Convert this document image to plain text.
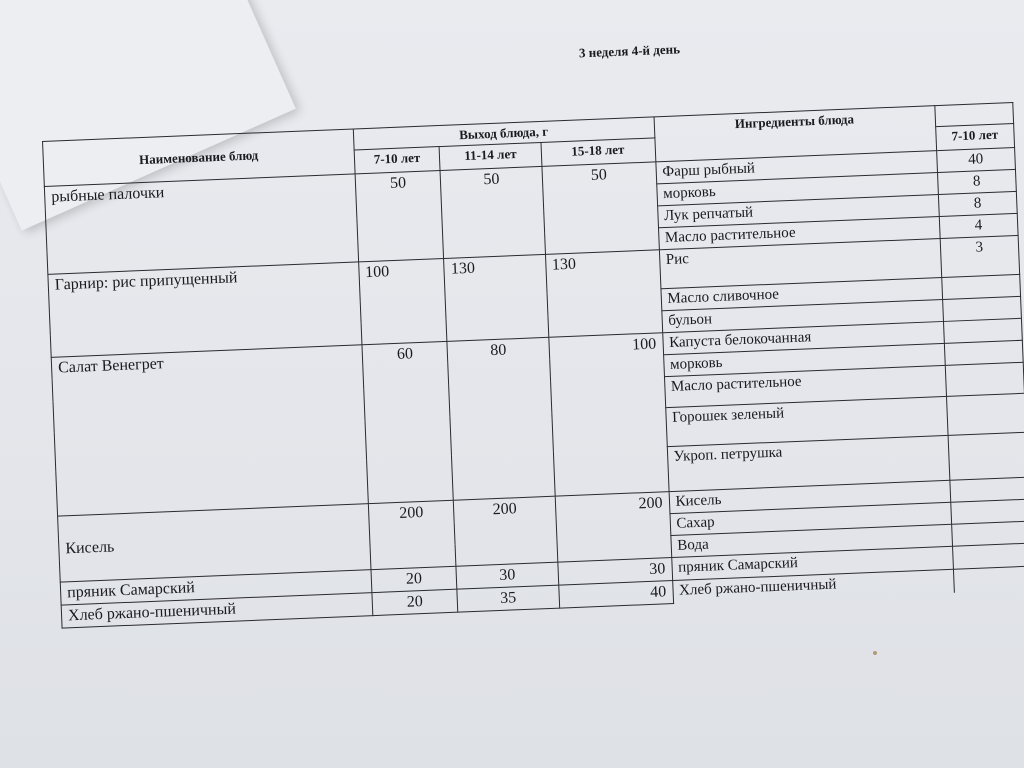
3 неделя 4-й день
Наименование блюд	Выход блюда, г			Ингредиенты блюда	
	7-10 лет	11-14 лет	15-18 лет		7-10 лет
рыбные палочки	50	50	50	Фарш рыбный	40
				морковь	8
				Лук репчатый	8
				Масло растительное	4
Гарнир: рис припущенный	100	130	130	Рис	3
				Масло сливочное	
				бульон	
Салат Венегрет	60	80	100	Капуста белокочанная	
				морковь	
				Масло растительное	
				Горошек зеленый	
				Укроп. петрушка	
Кисель	200	200	200	Кисель	
				Сахар	
				Вода	
пряник Самарский	20	30	30	пряник Самарский	
Хлеб ржано-пшеничный	20	35	40	Хлеб ржано-пшеничный	
